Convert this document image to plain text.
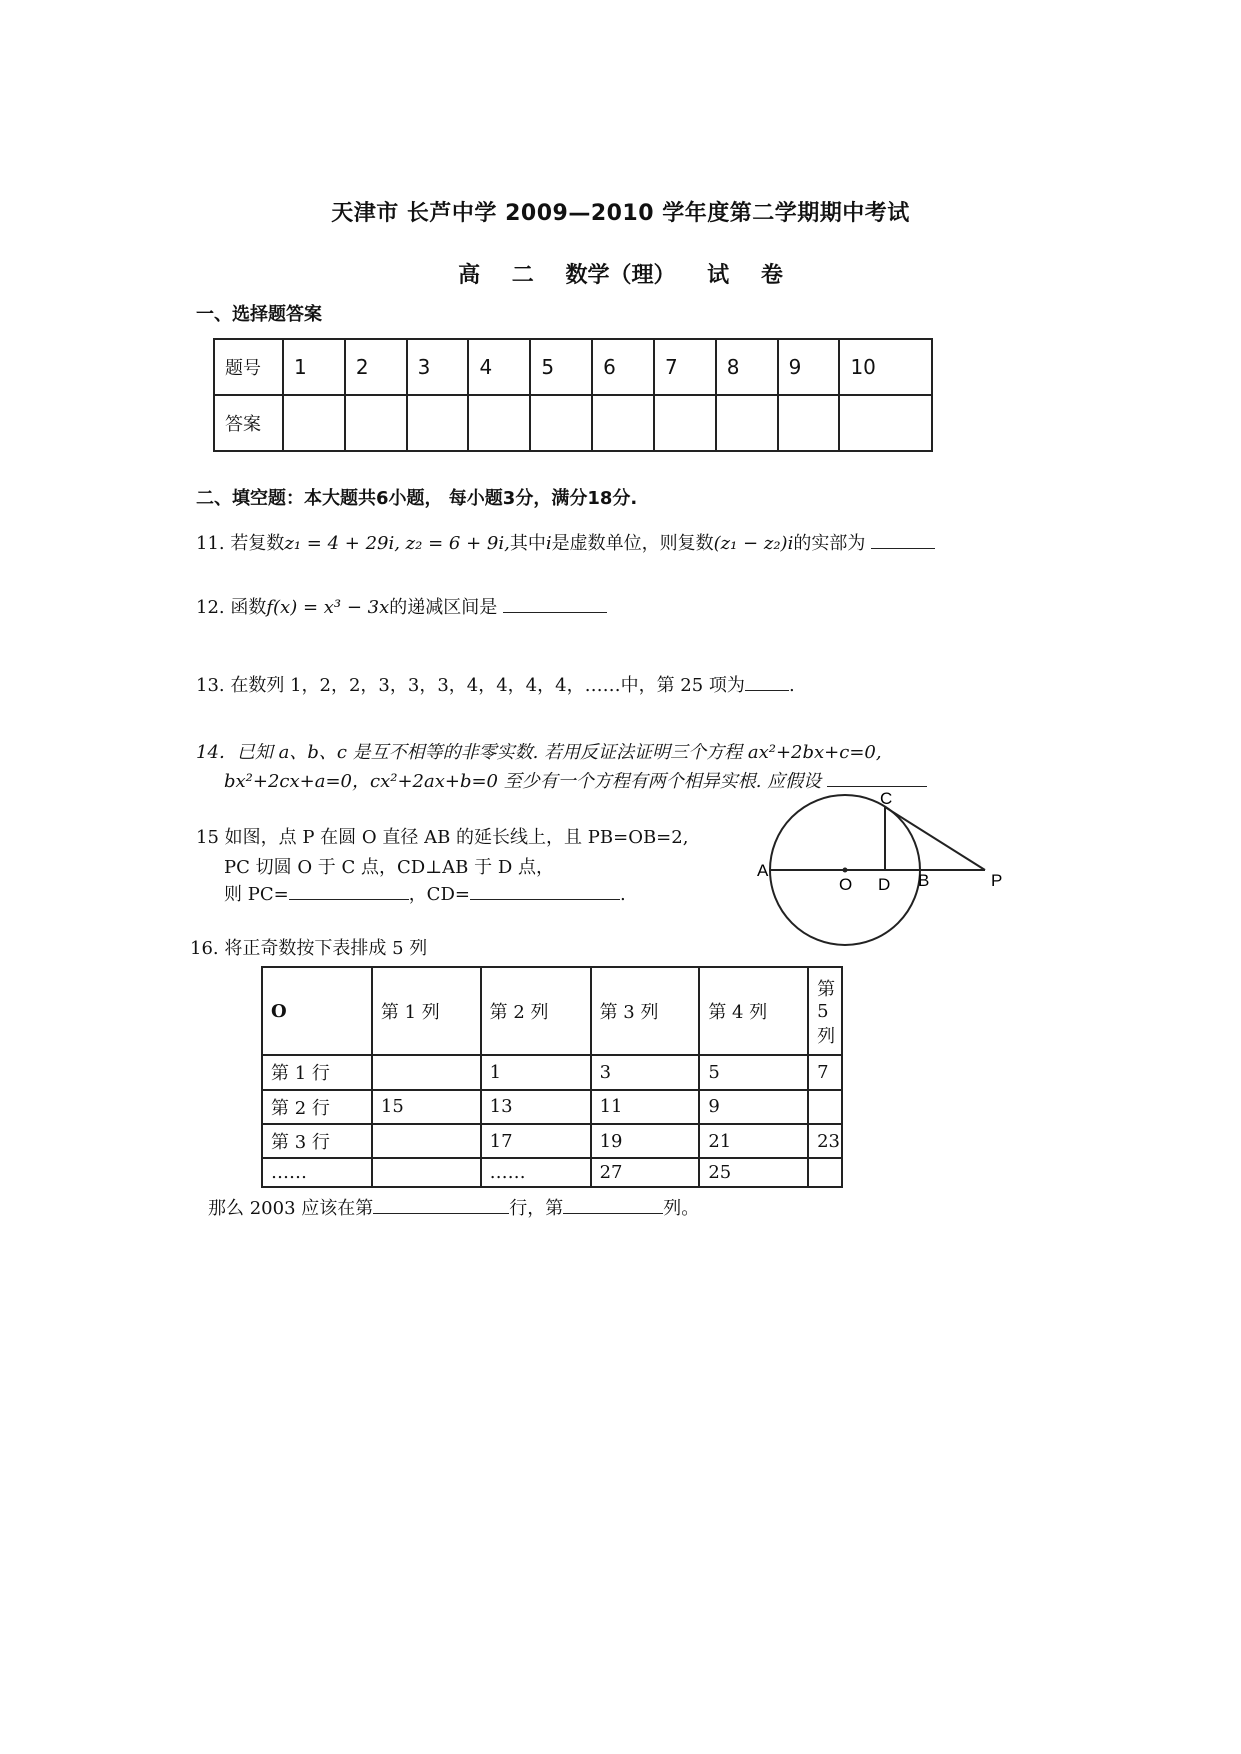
天津市 长芦中学 2009—2010 学年度第二学期期中考试
高 二 数学（理） 试 卷
一、选择题答案
题号	1	2	3	4	5	6	7	8	9	10
答案										
二、填空题：本大题共6小题， 每小题3分，满分18分.
11. 若复数z₁ = 4 + 29i, z₂ = 6 + 9i,其中i是虚数单位，则复数(z₁ − z₂)i的实部为
12. 函数f(x) = x³ − 3x的递减区间是
13. 在数列 1，2，2，3，3，3，4，4，4，4，……中，第 25 项为 .
14．已知 a、b、c 是互不相等的非零实数. 若用反证法证明三个方程 ax²+2bx+c=0,
bx²+2cx+a=0，cx²+2ax+b=0 至少有一个方程有两个相异实根. 应假设
15 如图，点 P 在圆 O 直径 AB 的延长线上，且 PB=OB=2,
PC 切圆 O 于 C 点，CD⊥AB 于 D 点，
则 PC=	，CD=	.
A
O D B	P
C
16. 将正奇数按下表排成 5 列
O	第 1 列	第 2 列	第 3 列	第 4 列	第 5 列
第 1 行		1	3	5	7
第 2 行	15	13	11	9	
第 3 行		17	19	21	23
……		……	27	25	
那么 2003 应该在第	行，第	列。
